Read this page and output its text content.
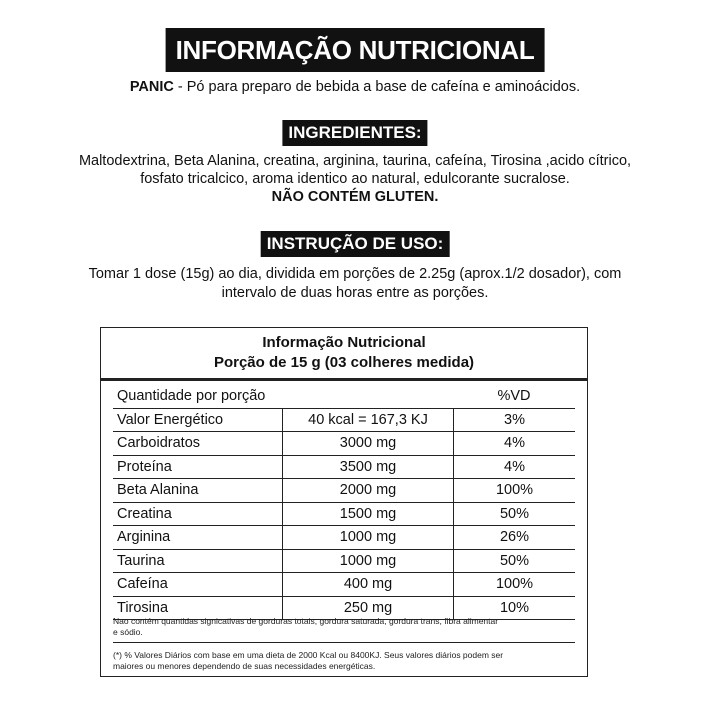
INFORMAÇÃO NUTRICIONAL
PANIC - Pó para preparo de bebida a base de cafeína e aminoácidos.
INGREDIENTES:
Maltodextrina, Beta Alanina, creatina, arginina, taurina, cafeína, Tirosina ,acido cítrico,
fosfato tricalcico, aroma identico ao natural, edulcorante sucralose.
NÃO CONTÉM GLUTEN.
INSTRUÇÃO DE USO:
Tomar 1 dose (15g) ao dia, dividida em porções de 2.25g (aprox.1/2 dosador), com
intervalo de duas horas entre as porções.
Informação Nutricional
Porção de 15 g (03 colheres medida)
Quantidade por porção	%VD
Valor Energético	40 kcal = 167,3 KJ	3%
Carboidratos	3000 mg	4%
Proteína	3500 mg	4%
Beta Alanina	2000 mg	100%
Creatina	1500 mg	50%
Arginina	1000 mg	26%
Taurina	1000 mg	50%
Cafeína	400 mg	100%
Tirosina	250 mg	10%
Nao contém quantidas signicativas de gorduras totais, gordura saturada, gordura trans, fibra alimentar
e sódio.
(*) % Valores Diários com base em uma dieta de 2000 Kcal ou 8400KJ. Seus valores diários podem ser
maiores ou menores dependendo de suas necessidades energéticas.
